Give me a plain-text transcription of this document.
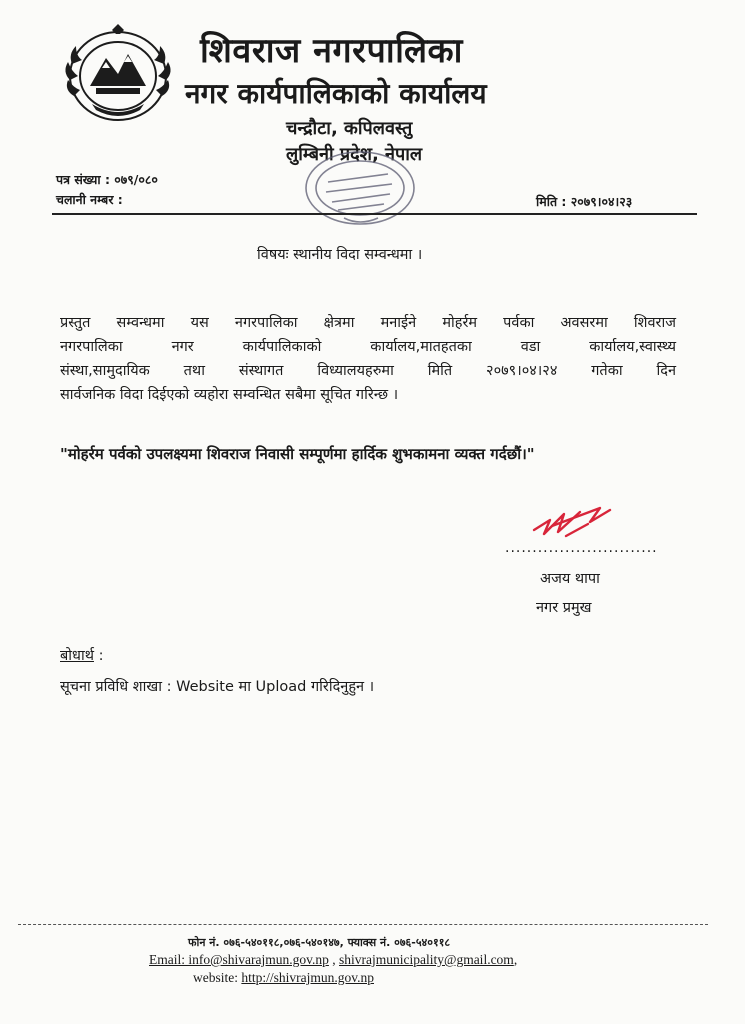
शिवराज नगरपालिका
नगर कार्यपालिकाको कार्यालय
चन्द्रौटा, कपिलवस्तु
लुम्बिनी प्रदेश, नेपाल
पत्र संख्या : ०७९/०८०
चलानी नम्बर :	मिति : २०७९।०४।२३
विषयः स्थानीय विदा सम्वन्धमा ।
प्रस्तुत सम्वन्धमा यस नगरपालिका क्षेत्रमा मनाईने मोहर्रम पर्वका अवसरमा शिवराज
नगरपालिका नगर कार्यपालिकाको कार्यालय,मातहतका वडा कार्यालय,स्वास्थ्य
संस्था,सामुदायिक तथा संस्थागत विध्यालयहरुमा मिति २०७९।०४।२४ गतेका दिन
सार्वजनिक विदा दिईएको व्यहोरा सम्वन्धित सबैमा सूचित गरिन्छ ।
"मोहर्रम पर्वको उपलक्ष्यमा शिवराज निवासी सम्पूर्णमा हार्दिक शुभकामना व्यक्त गर्दछौं।"
............................
अजय थापा
नगर प्रमुख
बोधार्थ :
सूचना प्रविधि शाखा : Website मा Upload गरिदिनुहुन ।
फोन नं. ०७६-५४०११८,०७६-५४०१४७, फ्याक्स नं. ०७६-५४०११८
Email: info@shivarajmun.gov.np , shivrajmunicipality@gmail.com,
website: http://shivrajmun.gov.np
